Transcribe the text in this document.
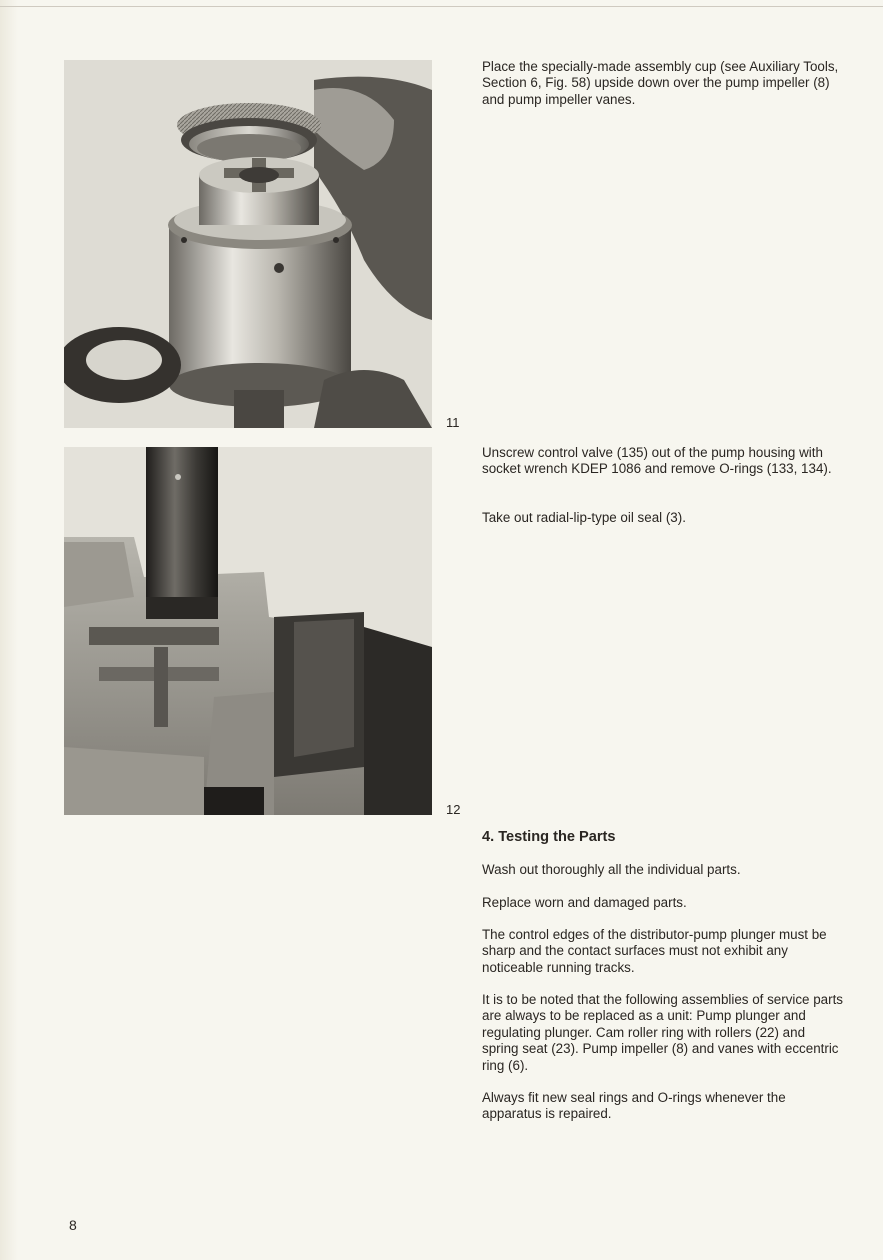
11
12

Place the specially-made assembly cup (see Auxiliary Tools, Section 6, Fig. 58) upside down over the pump impeller (8) and pump impeller vanes.

Unscrew control valve (135) out of the pump housing with socket wrench KDEP 1086 and remove O-rings (133, 134).

Take out radial-lip-type oil seal (3).

4. Testing the Parts

Wash out thoroughly all the individual parts.

Replace worn and damaged parts.

The control edges of the distributor-pump plunger must be sharp and the contact surfaces must not exhibit any noticeable running tracks.

It is to be noted that the following assemblies of service parts are always to be replaced as a unit: Pump plunger and regulating plunger. Cam roller ring with rollers (22) and spring seat (23). Pump impeller (8) and vanes with eccentric ring (6).

Always fit new seal rings and O-rings whenever the apparatus is repaired.

8
